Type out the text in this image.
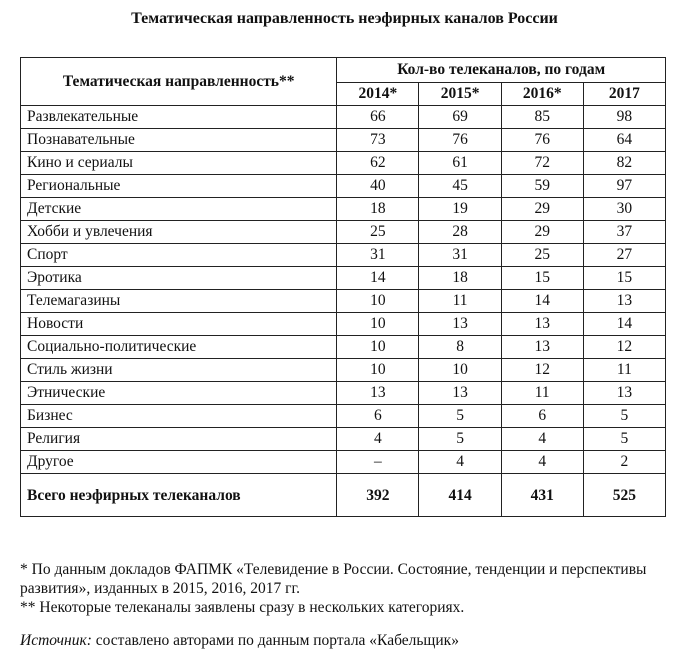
Тематическая направленность неэфирных каналов России
Тематическая направленность**	Кол-во телеканалов, по годам			
	2014*	2015*	2016*	2017
Развлекательные	66	69	85	98
Познавательные	73	76	76	64
Кино и сериалы	62	61	72	82
Региональные	40	45	59	97
Детские	18	19	29	30
Хобби и увлечения	25	28	29	37
Спорт	31	31	25	27
Эротика	14	18	15	15
Телемагазины	10	11	14	13
Новости	10	13	13	14
Социально-политические	10	8	13	12
Стиль жизни	10	10	12	11
Этнические	13	13	11	13
Бизнес	6	5	6	5
Религия	4	5	4	5
Другое	–	4	4	2
Всего неэфирных телеканалов	392	414	431	525

* По данным докладов ФАПМК «Телевидение в России. Состояние, тенденции и перспективы развития», изданных в 2015, 2016, 2017 гг.

** Некоторые телеканалы заявлены сразу в нескольких категориях.

Источник: составлено авторами по данным портала «Кабельщик»
